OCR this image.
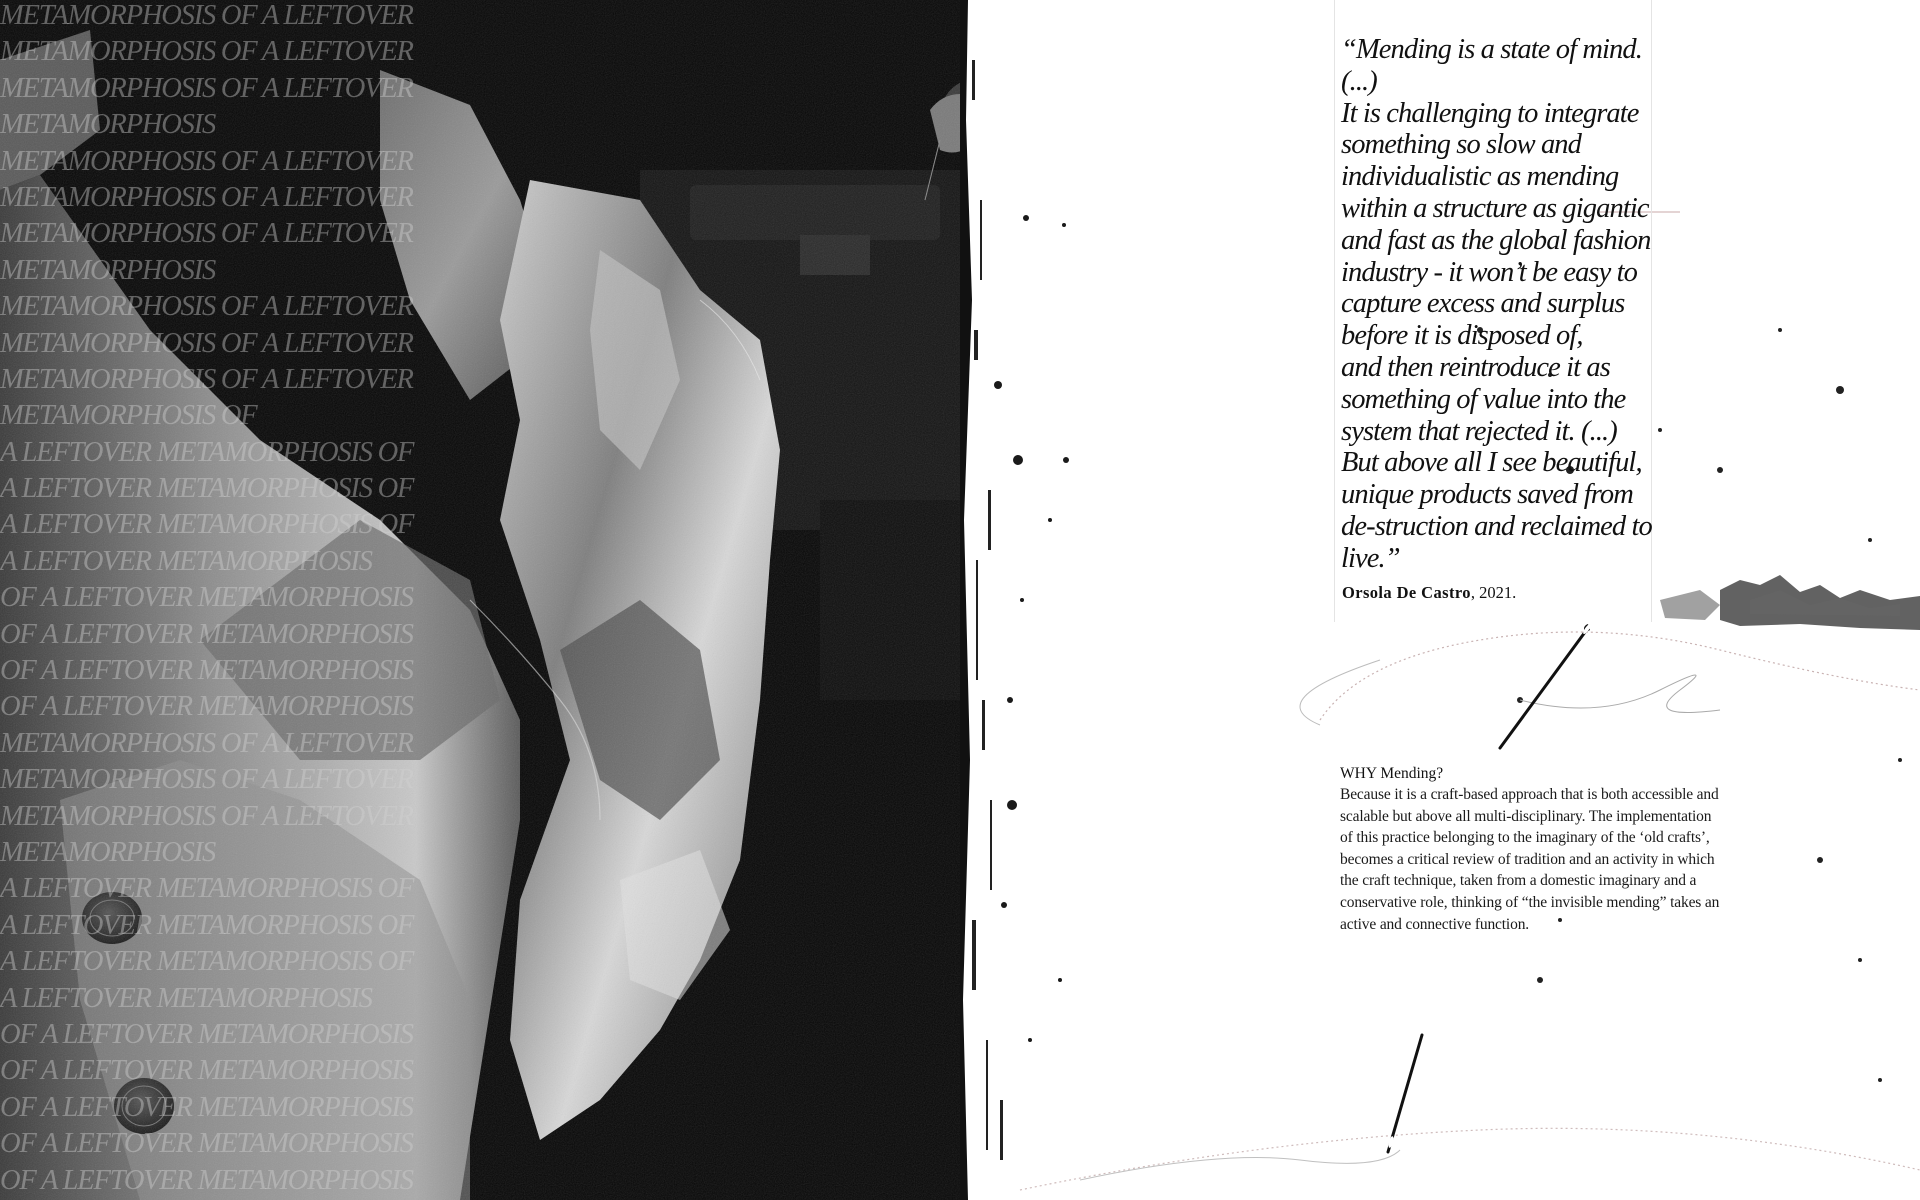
METAMORPHOSIS OF A LEFTOVER
METAMORPHOSIS OF A LEFTOVER
METAMORPHOSIS OF A LEFTOVER
METAMORPHOSIS
METAMORPHOSIS OF A LEFTOVER
METAMORPHOSIS OF A LEFTOVER
METAMORPHOSIS OF A LEFTOVER
METAMORPHOSIS
METAMORPHOSIS OF A LEFTOVER
METAMORPHOSIS OF A LEFTOVER
METAMORPHOSIS OF A LEFTOVER
METAMORPHOSIS OF
A LEFTOVER METAMORPHOSIS OF
A LEFTOVER METAMORPHOSIS OF
A LEFTOVER METAMORPHOSIS OF
A LEFTOVER METAMORPHOSIS
OF A LEFTOVER METAMORPHOSIS
OF A LEFTOVER METAMORPHOSIS
OF A LEFTOVER METAMORPHOSIS
OF A LEFTOVER METAMORPHOSIS
METAMORPHOSIS OF A LEFTOVER
METAMORPHOSIS OF A LEFTOVER
METAMORPHOSIS OF A LEFTOVER
METAMORPHOSIS
A LEFTOVER METAMORPHOSIS OF
A LEFTOVER METAMORPHOSIS OF
A LEFTOVER METAMORPHOSIS OF
A LEFTOVER METAMORPHOSIS
OF A LEFTOVER METAMORPHOSIS
OF A LEFTOVER METAMORPHOSIS
OF A LEFTOVER METAMORPHOSIS
OF A LEFTOVER METAMORPHOSIS
OF A LEFTOVER METAMORPHOSIS
“Mending is a state of mind.
(...)
It is challenging to integrate
something so slow and
individualistic as mending
within a structure as gigantic
and fast as the global fashion
industry - it won’t be easy to
capture excess and surplus
before it is disposed of,
and then reintroduce it as
something of value into the
system that rejected it. (...)
But above all I see beautiful,
unique products saved from
de-struction and reclaimed to
live.”
Orsola De Castro, 2021.

WHY Mending?

Because it is a craft-based approach that is both accessible and
scalable but above all multi-disciplinary. The implementation
of this practice belonging to the imaginary of the ‘old crafts’,
becomes a critical review of tradition and an activity in which
the craft technique, taken from a domestic imaginary and a
conservative role, thinking of “the invisible mending” takes an
active and connective function.
